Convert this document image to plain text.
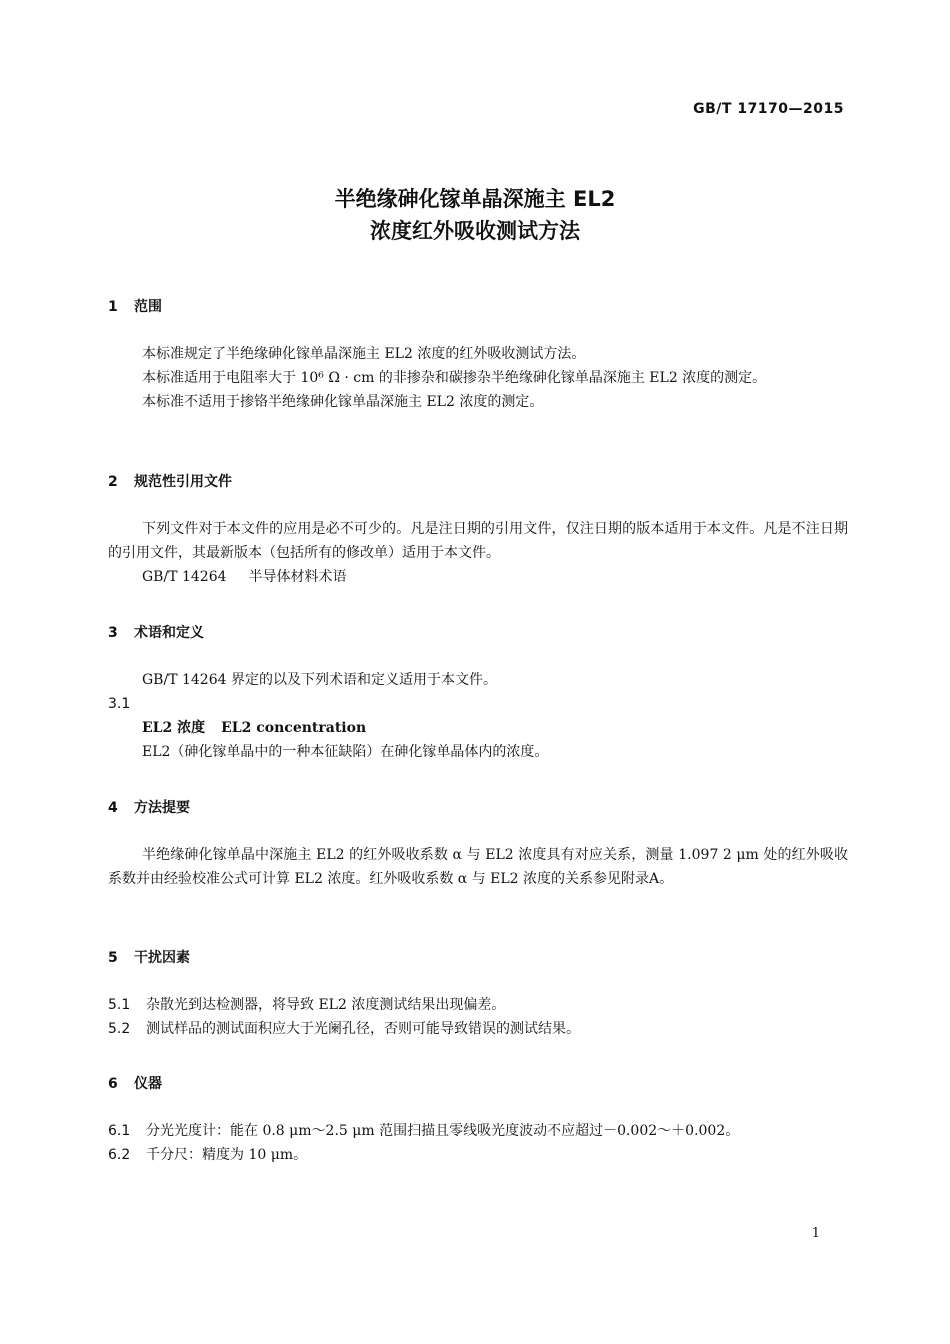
GB/T 17170—2015
半绝缘砷化镓单晶深施主 EL2
浓度红外吸收测试方法
1 范围

本标准规定了半绝缘砷化镓单晶深施主 EL2 浓度的红外吸收测试方法。

本标准适用于电阻率大于 10⁶ Ω · cm 的非掺杂和碳掺杂半绝缘砷化镓单晶深施主 EL2 浓度的测定。

本标准不适用于掺铬半绝缘砷化镓单晶深施主 EL2 浓度的测定。

2 规范性引用文件

下列文件对于本文件的应用是必不可少的。凡是注日期的引用文件，仅注日期的版本适用于本文件。凡是不注日期的引用文件，其最新版本（包括所有的修改单）适用于本文件。

GB/T 14264 半导体材料术语

3 术语和定义

GB/T 14264 界定的以及下列术语和定义适用于本文件。

3.1

EL2 浓度 EL2 concentration

EL2（砷化镓单晶中的一种本征缺陷）在砷化镓单晶体内的浓度。

4 方法提要

半绝缘砷化镓单晶中深施主 EL2 的红外吸收系数 α 与 EL2 浓度具有对应关系，测量 1.097 2 μm 处的红外吸收系数并由经验校准公式可计算 EL2 浓度。红外吸收系数 α 与 EL2 浓度的关系参见附录A。

5 干扰因素

5.1 杂散光到达检测器，将导致 EL2 浓度测试结果出现偏差。

5.2 测试样品的测试面积应大于光阑孔径，否则可能导致错误的测试结果。

6 仪器

6.1 分光光度计：能在 0.8 μm～2.5 μm 范围扫描且零线吸光度波动不应超过－0.002～＋0.002。

6.2 千分尺：精度为 10 μm。

1
